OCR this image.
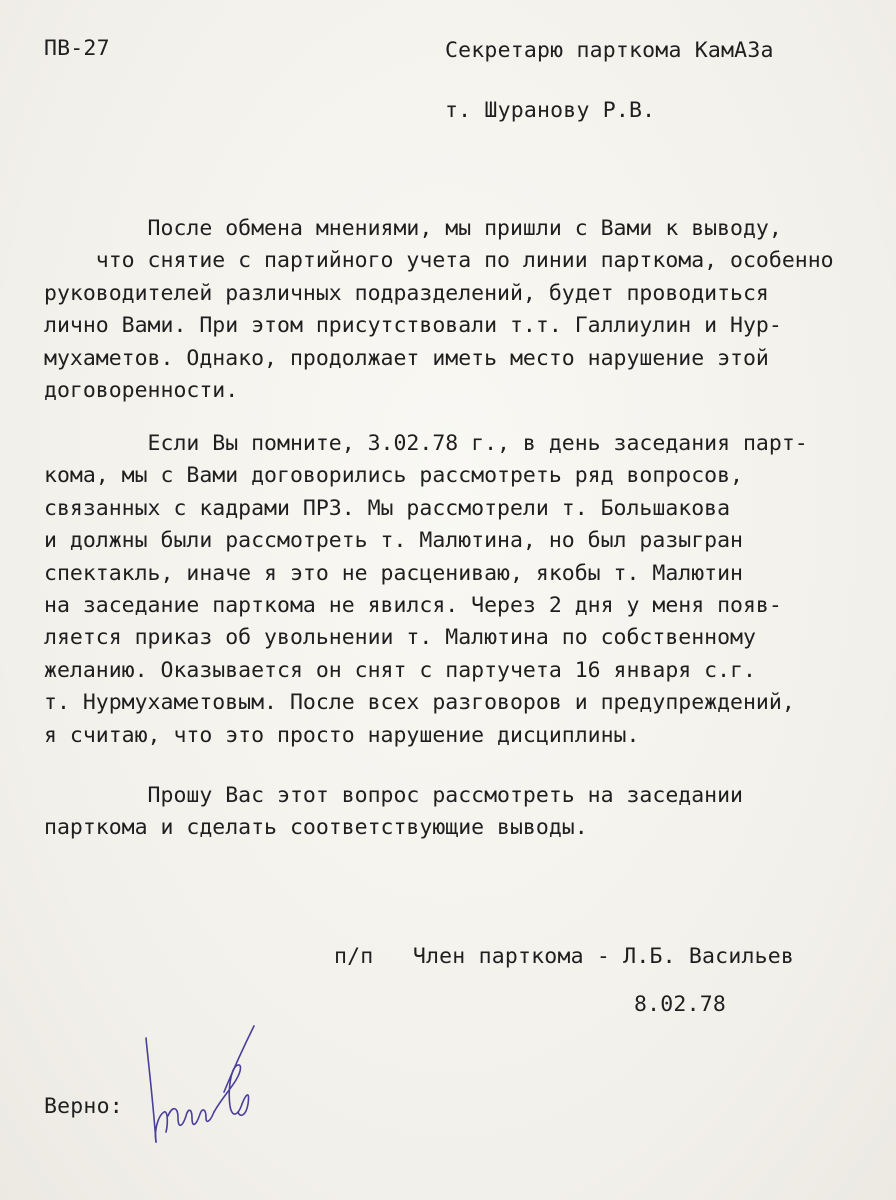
ПВ-27	Секретарю парткома КамАЗа
т. Шуранову Р.В.
После обмена мнениями, мы пришли с Вами к выводу,
что снятие с партийного учета по линии парткома, особенно
руководителей различных подразделений, будет проводиться
лично Вами. При этом присутствовали т.т. Галлиулин и Нур-
мухаметов. Однако, продолжает иметь место нарушение этой
договоренности.
Если Вы помните, 3.02.78 г., в день заседания парт-
кома, мы с Вами договорились рассмотреть ряд вопросов,
связанных с кадрами ПРЗ. Мы рассмотрели т. Большакова
и должны были рассмотреть т. Малютина, но был разыгран
спектакль, иначе я это не расцениваю, якобы т. Малютин
на заседание парткома не явился. Через 2 дня у меня появ-
ляется приказ об увольнении т. Малютина по собственному
желанию. Оказывается он снят с партучета 16 января с.г.
т. Нурмухаметовым. После всех разговоров и предупреждений,
я считаю, что это просто нарушение дисциплины.
Прошу Вас этот вопрос рассмотреть на заседании
парткома и сделать соответствующие выводы.
п/п   Член парткома - Л.Б. Васильев
8.02.78
Верно:
